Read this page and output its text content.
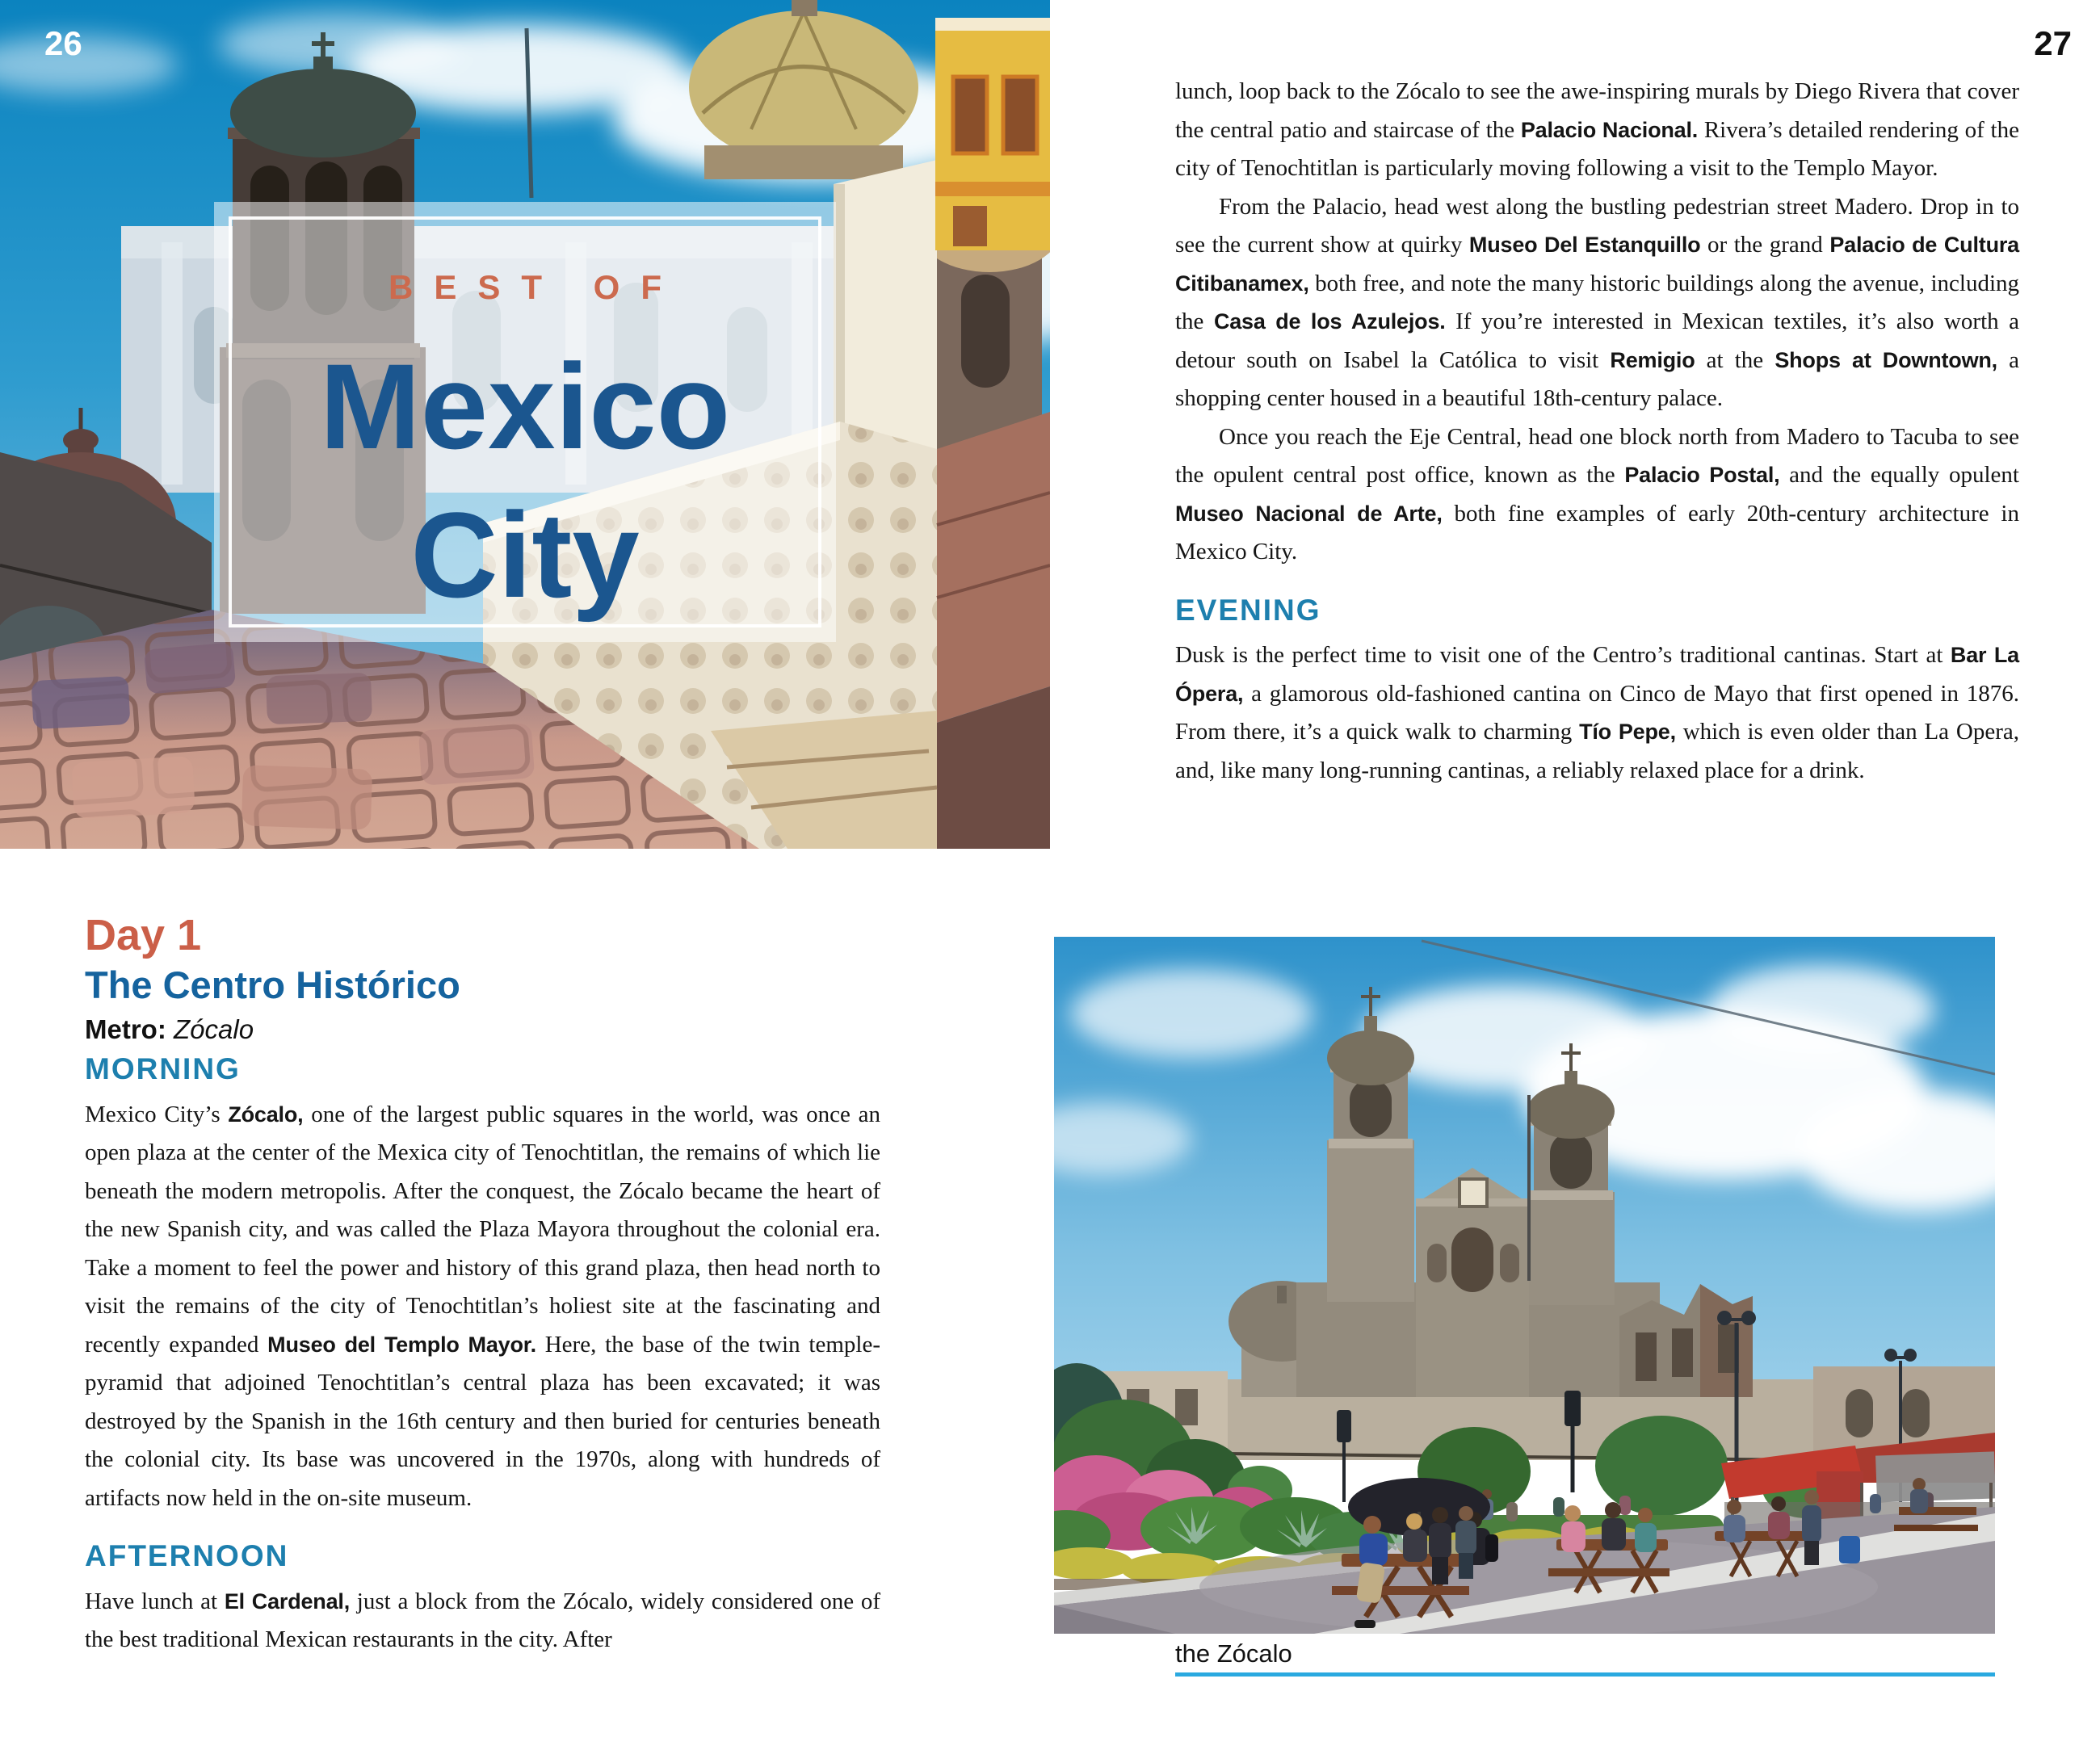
26
BEST OF
Mexico
City
Day 1
The Centro Histórico

Metro: Zócalo

MORNING

Mexico City’s Zócalo, one of the largest public squares in the world, was once an open plaza at the center of the Mexica city of Tenochtitlan, the remains of which lie beneath the modern metropolis. After the conquest, the Zócalo became the heart of the new Spanish city, and was called the Plaza Mayora throughout the colonial era. Take a moment to feel the power and history of this grand plaza, then head north to visit the remains of the city of Tenochtitlan’s holiest site at the fascinating and recently expanded Museo del Templo Mayor. Here, the base of the twin temple-pyramid that adjoined Tenochtitlan’s central plaza has been excavated; it was destroyed by the Spanish in the 16th century and then buried for centuries beneath the colonial city. Its base was uncovered in the 1970s, along with hundreds of artifacts now held in the on-site museum.

AFTERNOON

Have lunch at El Cardenal, just a block from the Zócalo, widely considered one of the best traditional Mexican restaurants in the city. After

27

lunch, loop back to the Zócalo to see the awe-inspiring murals by Diego Rivera that cover the central patio and staircase of the Palacio Nacional. Rivera’s detailed rendering of the city of Tenochtitlan is particularly moving following a visit to the Templo Mayor.

From the Palacio, head west along the bustling pedestrian street Madero. Drop in to see the current show at quirky Museo Del Estanquillo or the grand Palacio de Cultura Citibanamex, both free, and note the many historic buildings along the avenue, including the Casa de los Azulejos. If you’re interested in Mexican textiles, it’s also worth a detour south on Isabel la Católica to visit Remigio at the Shops at Downtown, a shopping center housed in a beautiful 18th-century palace.

Once you reach the Eje Central, head one block north from Madero to Tacuba to see the opulent central post office, known as the Palacio Postal, and the equally opulent Museo Nacional de Arte, both fine examples of early 20th-century architecture in Mexico City.

EVENING

Dusk is the perfect time to visit one of the Centro’s traditional cantinas. Start at Bar La Ópera, a glamorous old-fashioned cantina on Cinco de Mayo that first opened in 1876. From there, it’s a quick walk to charming Tío Pepe, which is even older than La Opera, and, like many long-running cantinas, a reliably relaxed place for a drink.

the Zócalo
